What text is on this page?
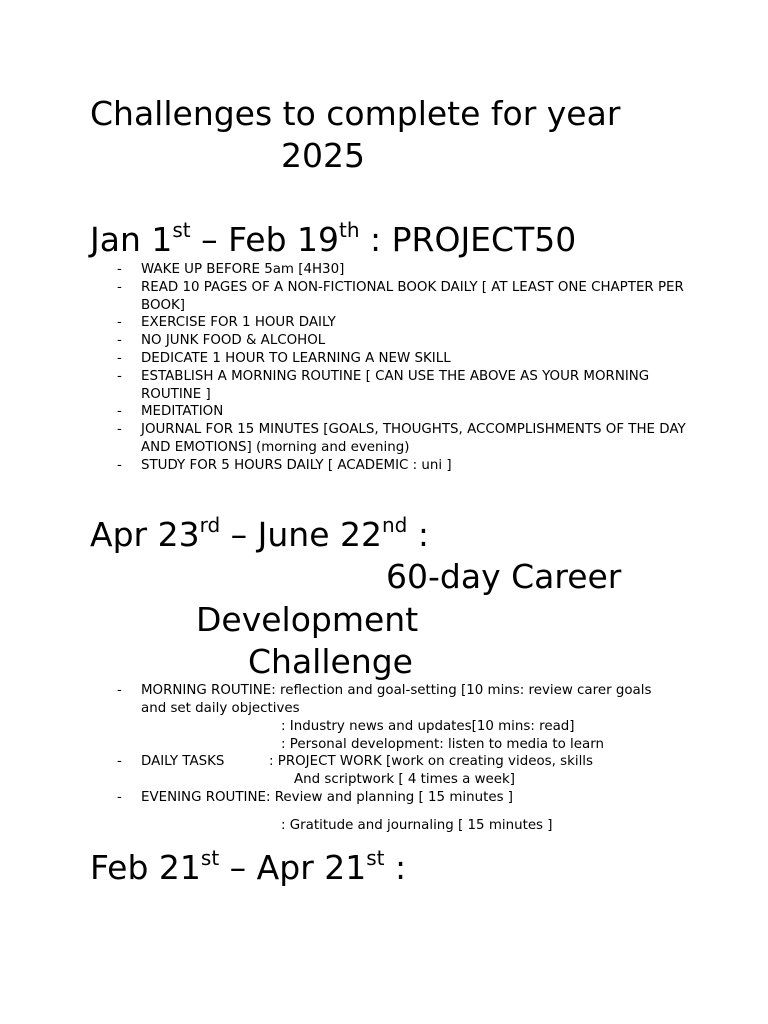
Challenges to complete for year
2025
Jan 1st – Feb 19th : PROJECT50
- WAKE UP BEFORE 5am [4H30]
- READ 10 PAGES OF A NON-FICTIONAL BOOK DAILY [ AT LEAST ONE CHAPTER PER BOOK]
- EXERCISE FOR 1 HOUR DAILY
- NO JUNK FOOD & ALCOHOL
- DEDICATE 1 HOUR TO LEARNING A NEW SKILL
- ESTABLISH A MORNING ROUTINE [ CAN USE THE ABOVE AS YOUR MORNING ROUTINE ]
- MEDITATION
- JOURNAL FOR 15 MINUTES [GOALS, THOUGHTS, ACCOMPLISHMENTS OF THE DAY AND EMOTIONS] (morning and evening)
- STUDY FOR 5 HOURS DAILY [ ACADEMIC : uni ]
Apr 23rd – June 22nd :
60-day Career
Development
Challenge
- MORNING ROUTINE: reflection and goal-setting [10 mins: review carer goals
and set daily objectives
: Industry news and updates[10 mins: read]
: Personal development: listen to media to learn
- DAILY TASKS	: PROJECT WORK [work on creating videos, skills
And scriptwork [ 4 times a week]
- EVENING ROUTINE: Review and planning [ 15 minutes ]
: Gratitude and journaling [ 15 minutes ]
Feb 21st – Apr 21st :
